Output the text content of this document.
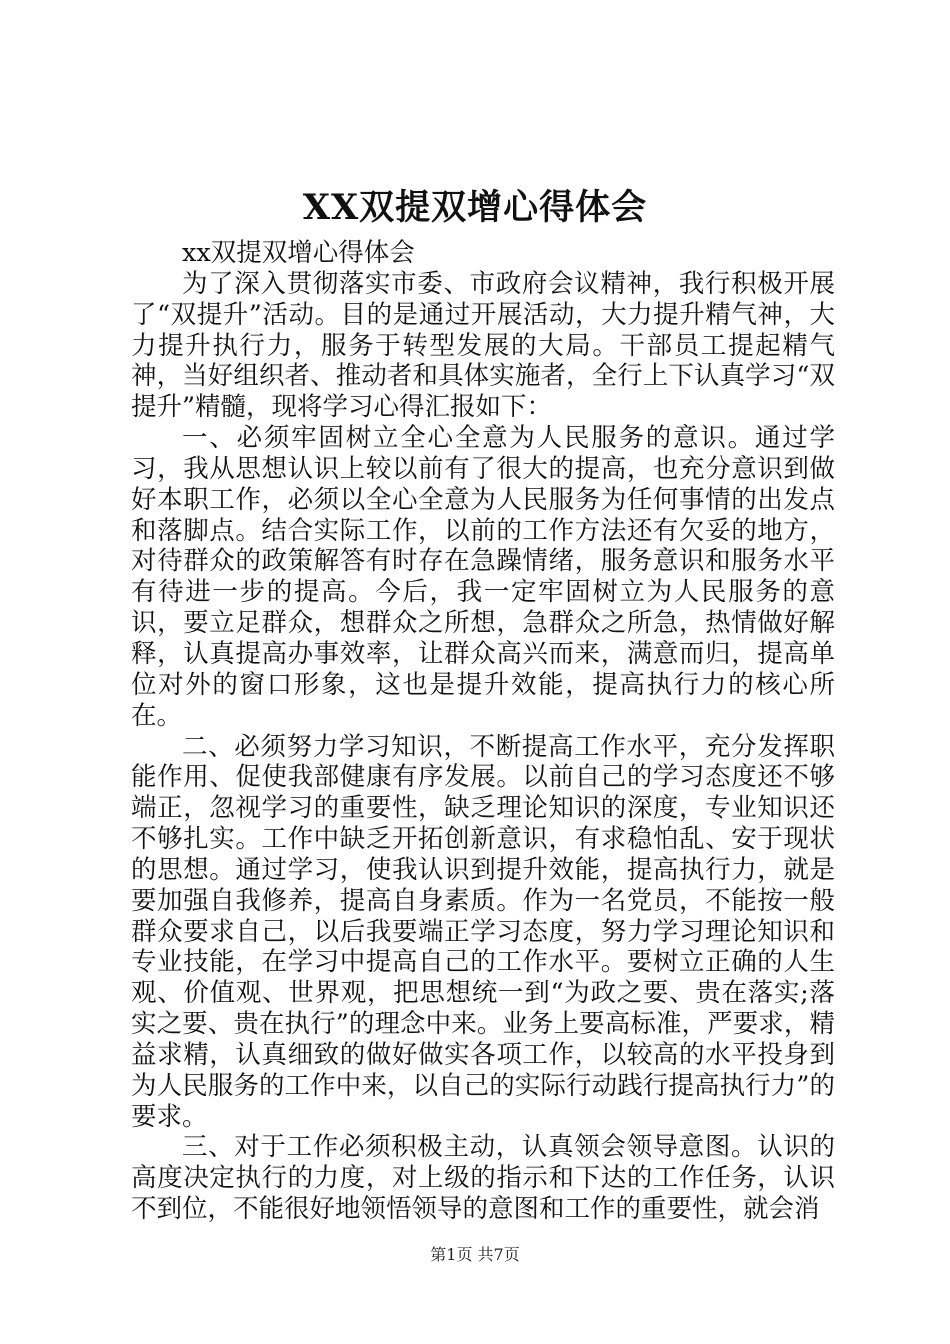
XX双提双增心得体会

xx双提双增心得体会

为了深入贯彻落实市委、市政府会议精神，我行积极开展了“双提升”活动。目的是通过开展活动，大力提升精气神，大力提升执行力，服务于转型发展的大局。干部员工提起精气神，当好组织者、推动者和具体实施者，全行上下认真学习“双提升”精髓，现将学习心得汇报如下：

一、必须牢固树立全心全意为人民服务的意识。通过学习，我从思想认识上较以前有了很大的提高，也充分意识到做好本职工作，必须以全心全意为人民服务为任何事情的出发点和落脚点。结合实际工作，以前的工作方法还有欠妥的地方，对待群众的政策解答有时存在急躁情绪，服务意识和服务水平有待进一步的提高。今后，我一定牢固树立为人民服务的意识，要立足群众，想群众之所想，急群众之所急，热情做好解释，认真提高办事效率，让群众高兴而来，满意而归，提高单位对外的窗口形象，这也是提升效能，提高执行力的核心所在。

二、必须努力学习知识，不断提高工作水平，充分发挥职能作用、促使我部健康有序发展。以前自己的学习态度还不够端正，忽视学习的重要性，缺乏理论知识的深度，专业知识还不够扎实。工作中缺乏开拓创新意识，有求稳怕乱、安于现状的思想。通过学习，使我认识到提升效能，提高执行力，就是要加强自我修养，提高自身素质。作为一名党员，不能按一般群众要求自己，以后我要端正学习态度，努力学习理论知识和专业技能，在学习中提高自己的工作水平。要树立正确的人生观、价值观、世界观，把思想统一到“为政之要、贵在落实;落实之要、贵在执行”的理念中来。业务上要高标准，严要求，精益求精，认真细致的做好做实各项工作，以较高的水平投身到为人民服务的工作中来，以自己的实际行动践行提高执行力”的要求。

三、对于工作必须积极主动，认真领会领导意图。认识的高度决定执行的力度，对上级的指示和下达的工作任务，认识不到位，不能很好地领悟领导的意图和工作的重要性，就会消

第1页 共7页
